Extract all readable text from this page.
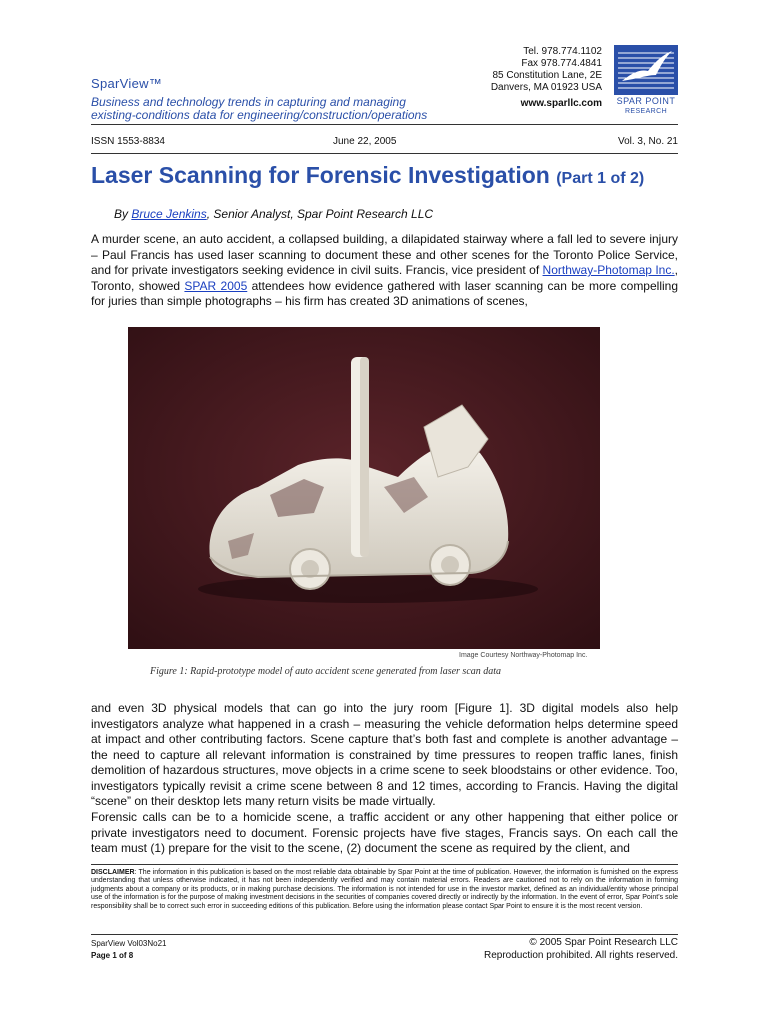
SparView™
Business and technology trends in capturing and managing existing-conditions data for engineering/construction/operations
Tel. 978.774.1102
Fax 978.774.4841
85 Constitution Lane, 2E
Danvers, MA 01923 USA
www.sparllc.com	SPAR POINT
RESEARCH
ISSN 1553-8834	June 22, 2005	Vol. 3, No. 21
Laser Scanning for Forensic Investigation (Part 1 of 2)
By Bruce Jenkins, Senior Analyst, Spar Point Research LLC
A murder scene, an auto accident, a collapsed building, a dilapidated stairway where a fall led to severe injury – Paul Francis has used laser scanning to document these and other scenes for the Toronto Police Service, and for private investigators seeking evidence in civil suits. Francis, vice president of Northway-Photomap Inc., Toronto, showed SPAR 2005 attendees how evidence gathered with laser scanning can be more compelling for juries than simple photographs – his firm has created 3D animations of scenes,
Image Courtesy Northway-Photomap Inc.
Figure 1: Rapid-prototype model of auto accident scene generated from laser scan data
and even 3D physical models that can go into the jury room [Figure 1]. 3D digital models also help investigators analyze what happened in a crash – measuring the vehicle deformation helps determine speed at impact and other contributing factors. Scene capture that’s both fast and complete is another advantage – the need to capture all relevant information is constrained by time pressures to reopen traffic lanes, finish demolition of hazardous structures, move objects in a crime scene to seek bloodstains or other evidence. Too, investigators typically revisit a crime scene between 8 and 12 times, according to Francis. Having the digital “scene” on their desktop lets many return visits be made virtually.
Forensic calls can be to a homicide scene, a traffic accident or any other happening that either police or private investigators need to document. Forensic projects have five stages, Francis says. On each call the team must (1) prepare for the visit to the scene, (2) document the scene as required by the client, and
DISCLAIMER: The information in this publication is based on the most reliable data obtainable by Spar Point at the time of publication. However, the information is furnished on the express understanding that unless otherwise indicated, it has not been independently verified and may contain material errors. Readers are cautioned not to rely on the information in forming judgments about a company or its products, or in making purchase decisions. The information is not intended for use in the investor market, defined as an individual/entity whose principal use of the information is for the purpose of making investment decisions in the securities of companies covered directly or indirectly by the information. In the event of error, Spar Point’s sole responsibility shall be to correct such error in succeeding editions of this publication. Before using the information please contact Spar Point to ensure it is the most recent version.
SparView Vol03No21
Page 1 of 8
© 2005 Spar Point Research LLC
Reproduction prohibited. All rights reserved.
